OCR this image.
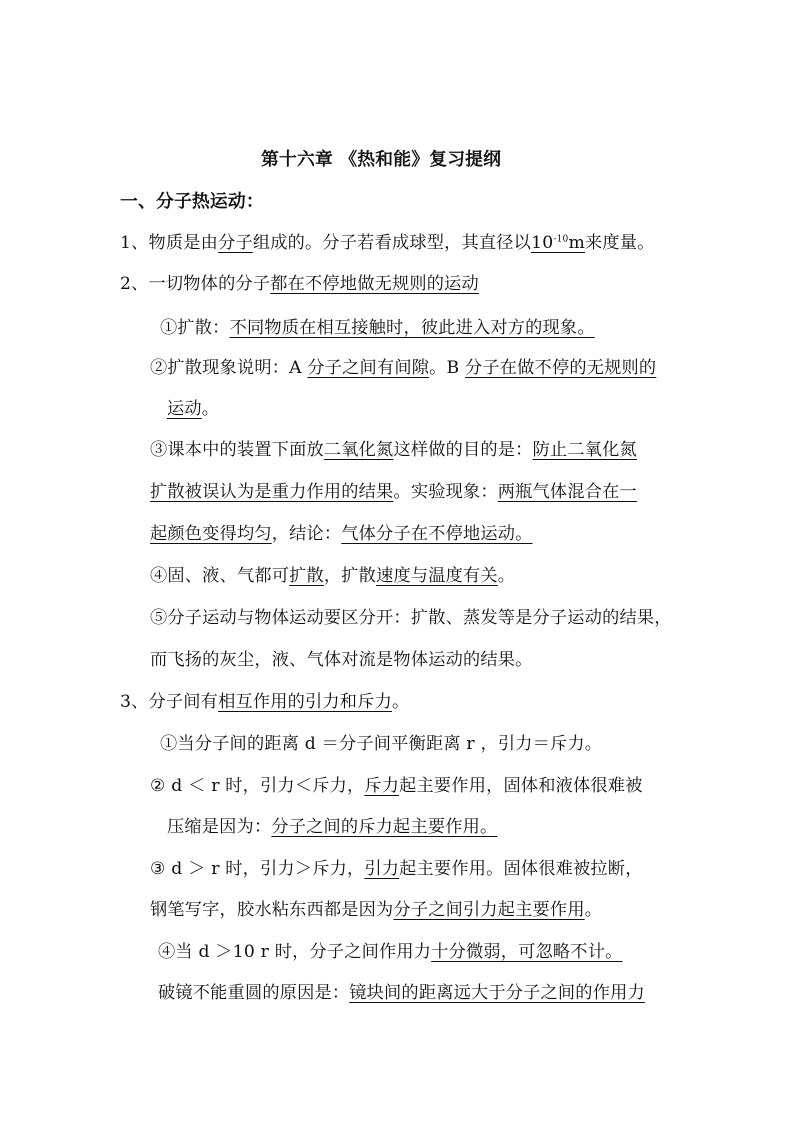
第十六章 《热和能》复习提纲
一、分子热运动：
1、物质是由分子组成的。分子若看成球型，其直径以$10^{-10}m$来度量。
2、一切物体的分子都在不停地做无规则的运动
①扩散：不同物质在相互接触时，彼此进入对方的现象。
②扩散现象说明：A 分子之间有间隙。B 分子在做不停的无规则的
运动。
③课本中的装置下面放二氧化氮这样做的目的是：防止二氧化氮
扩散被误认为是重力作用的结果。实验现象：两瓶气体混合在一
起颜色变得均匀，结论：气体分子在不停地运动。
④固、液、气都可扩散，扩散速度与温度有关。
⑤分子运动与物体运动要区分开：扩散、蒸发等是分子运动的结果，
而飞扬的灰尘，液、气体对流是物体运动的结果。
3、分子间有相互作用的引力和斥力。
①当分子间的距离 d ＝分子间平衡距离 r ，引力＝斥力。
② d ＜ r 时，引力＜斥力，斥力起主要作用，固体和液体很难被
压缩是因为：分子之间的斥力起主要作用。
③ d ＞ r 时，引力＞斥力，引力起主要作用。固体很难被拉断，
钢笔写字，胶水粘东西都是因为分子之间引力起主要作用。
④当 d ＞10 r 时，分子之间作用力十分微弱，可忽略不计。
破镜不能重圆的原因是：镜块间的距离远大于分子之间的作用力
